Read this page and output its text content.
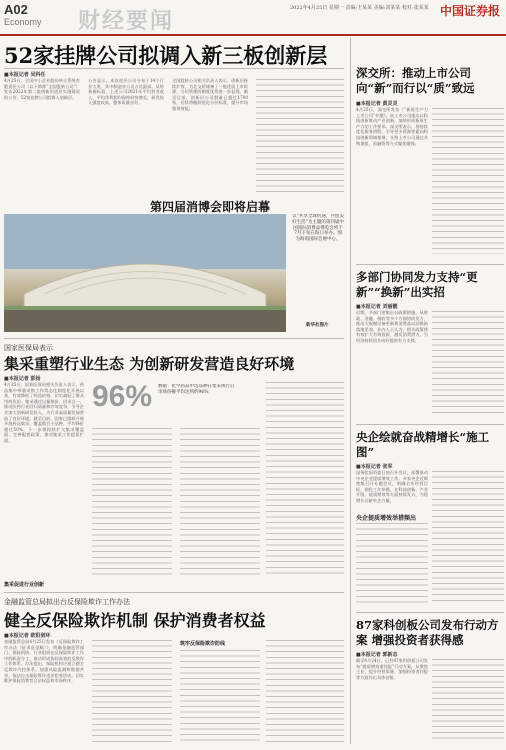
A02
Economy 财经要闻	2022年4月25日 星期一 责编:王某某 美编:刘某某 校对:张某某 中国证券报
52家挂牌公司拟调入新三板创新层
■本报记者 吴科任
4月25日，全国中小企业股份转让系统有限责任公司（以下简称“全国股转公司”）发布2022年第二批创新层进层实施情况的公告，52家挂牌公司拟调入创新层。
公告显示，本次进层公司分布于14个行业大类，其中制造业公司占比最高。从财务指标看，上述公司2021年平均营业收入、平均净利润均保持较快增长，研发投入强度较高，整体质量良好。
全国股转公司相关负责人表示，创新层持续扩容，为北交所储备了一批优质上市资源，分层管理的制度优势进一步显现。截至目前，创新层公司数量已超过1700家，后续将继续优化分层标准，提升市场服务效能。
第四届消博会即将启幕
以“共享全球机遇，共创美好生活”为主题的第四届中国国际消费品博览会将于7月下旬在海口举办。图为海南国际会展中心。
新华社图片
深交所：推动上市公司向“新”而行以“质”致远
■本报记者 黄灵灵
4月25日，深交所发布《“新质生产力上市公司”专题》，向上市公司提出以科技创新推动产业创新，加快形成新质生产力的工作要求。深交所表示，将持续优化服务供给，引导更多资源要素向科技创新领域集聚，支持上市公司通过并购重组、再融资等方式做优做强。
多部门协同发力支持“更新”“换新”出实招
■本报记者 刘丽靓
近期，多部门密集出台政策措施，从财政、金融、税收等多个方面协同发力，推动大规模设备更新和消费品以旧换新落地见效。业内人士认为，相关政策将有效扩大有效投资、激发消费潜力，为经济持续回升向好提供有力支撑。
央企绘就奋战精增长“施工图”
■本报记者 张军
国务院国资委日前召开会议，部署推动中央企业提质增效工作。多家央企近期密集召开专题会议，明确全年经营目标，细化工作举措，在科技创新、产业升级、提质增效等方面持续发力，为稳增长贡献央企力量。
央企提质增效举措频出
87家科创板公司发布行动方案 增强投资者获得感
■本报记者 郭新志
截至4月24日，已有87家科创板公司发布“提质增效重回报”行动方案，从聚焦主业、提升经营质量、加强投资者回报等方面作出具体安排。
国家医保局表示
集采重塑行业生态 为创新研发营造良好环境
■本报记者 彭扬
4月25日，国家医保局相关负责人表示，药品集中带量采购工作常态化制度化开展以来，有效降低了药品价格，切实减轻了群众用药负担。集采通过以量换价、招采合一，推动医药行业回归质量和疗效竞争，引导企业加大创新研发投入，为行业高质量发展营造了良好环境。截至目前，国家已组织开展多批药品集采，覆盖数百个品种，平均降价超过50%。下一步将持续扩大集采覆盖面，完善配套政策，推动集采工作提质扩面。
96% 数据：化学药品中选品种在集采执行后市场份额平均达到约96%
集采促进行业创新
金融监管总局拟出台反保险欺诈工作办法
健全反保险欺诈机制 保护消费者权益
■本报记者 欧阳剑环
金融监管总局4月25日发布《反保险欺诈工作办法（征求意见稿）》，明确金融监管部门、保险机构、行业组织在反保险欺诈工作中的职责分工，推动形成协同高效的反欺诈工作体系。办法提出，保险机构应建立健全反欺诈内控体系，加强风险监测和数据共享，依法打击保险欺诈违法犯罪活动，切实维护保险消费者合法权益和市场秩序。
筑牢反保险欺诈防线
